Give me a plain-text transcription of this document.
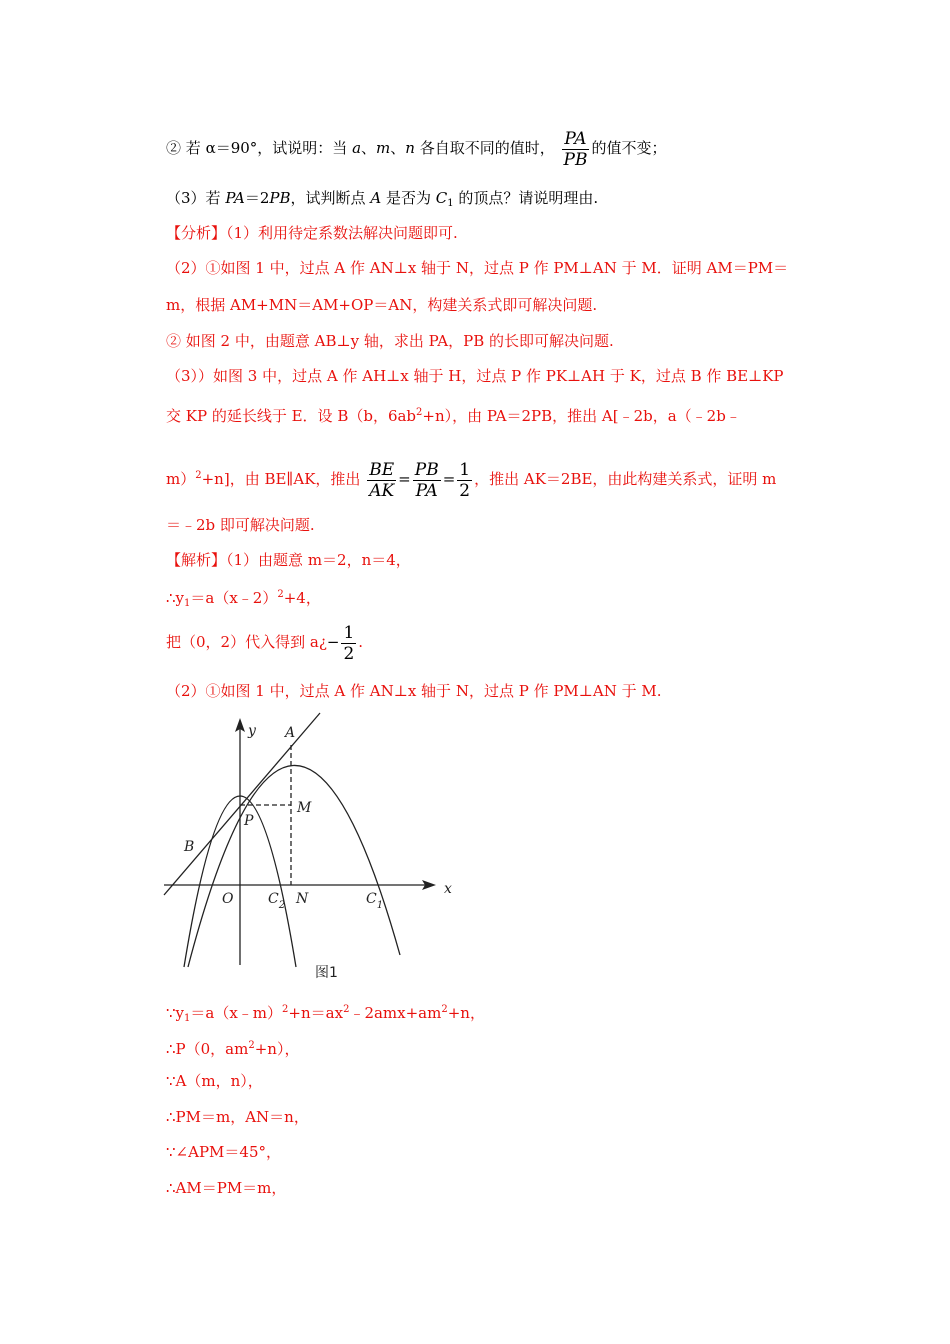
② 若 α＝90°，试说明：当 a、m、n 各自取不同的值时， $\frac{PA}{PB}$ 的值不变；
（3）若 PA＝2PB，试判断点 A 是否为 $C_1$ 的顶点？请说明理由.
【分析】（1）利用待定系数法解决问题即可.
（2）①如图 1 中，过点 A 作 AN⊥x 轴于 N，过点 P 作 PM⊥AN 于 M．证明 AM＝PM＝
m，根据 AM+MN＝AM+OP＝AN，构建关系式即可解决问题.
② 如图 2 中，由题意 AB⊥y 轴，求出 PA，PB 的长即可解决问题.
（3））如图 3 中，过点 A 作 AH⊥x 轴于 H，过点 P 作 PK⊥AH 于 K，过点 B 作 BE⊥KP
交 KP 的延长线于 E．设 B（b，$6ab^2+n$），由 PA＝2PB，推出 A[﹣2b，a（﹣2b﹣
m）$^2$+n]，由 BE∥AK，推出 $\frac{BE}{AK} = \frac{PB}{PA} = \frac{1}{2}$ ，推出 AK＝2BE，由此构建关系式，证明 m
＝﹣2b 即可解决问题.
【解析】（1）由题意 m＝2，n＝4，
$\therefore y_1=a(x﹣2)^2+4$，
把（0，2）代入得到 a¿− $\frac{1}{2}$ .
（2）①如图 1 中，过点 A 作 AN⊥x 轴于 N，过点 P 作 PM⊥AN 于 M.
y
x
A
B
P
M
O $C_2$ N	$C_1$
图1
$\because y_1=a(x﹣m)^2+n=ax^2﹣2amx+am^2+n$，
∴P（0，$am^2+n$），
∵A（m，n），
∴PM＝m，AN＝n，
∵∠APM＝45°，
∴AM＝PM＝m，
